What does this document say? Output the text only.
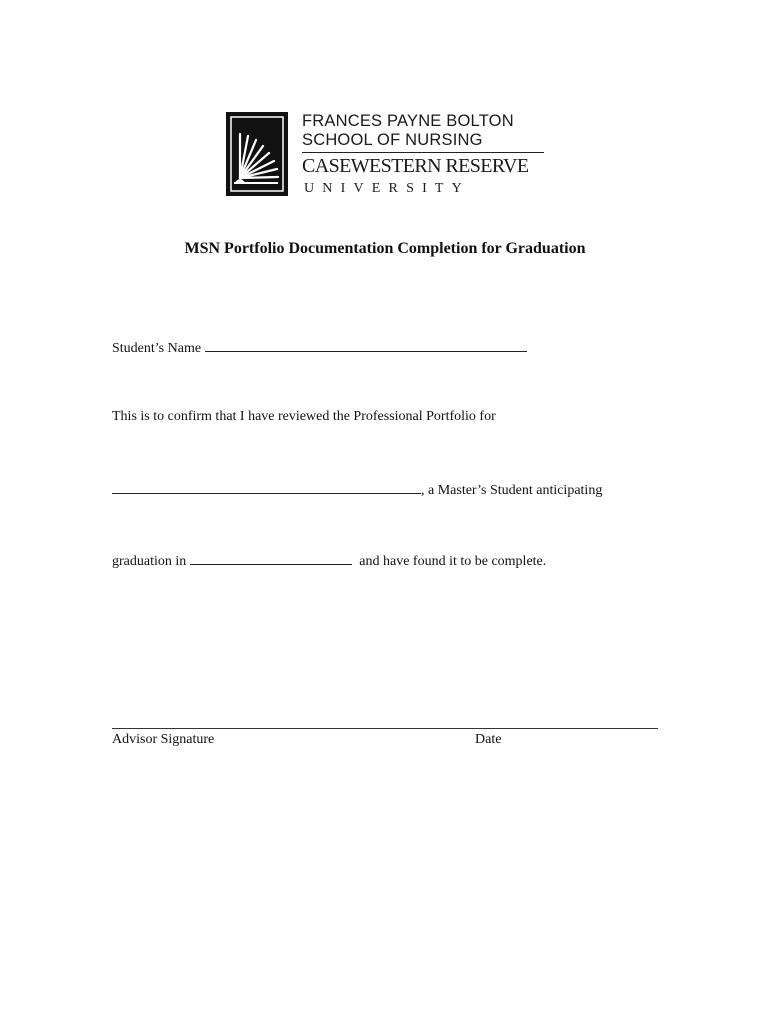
FRANCES PAYNE BOLTON
SCHOOL OF NURSING
CASEWESTERN RESERVE
UNIVERSITY
MSN Portfolio Documentation Completion for Graduation
Student’s Name
This is to confirm that I have reviewed the Professional Portfolio for
, a Master’s Student anticipating
graduation in	and have found it to be complete.
Advisor Signature	Date
